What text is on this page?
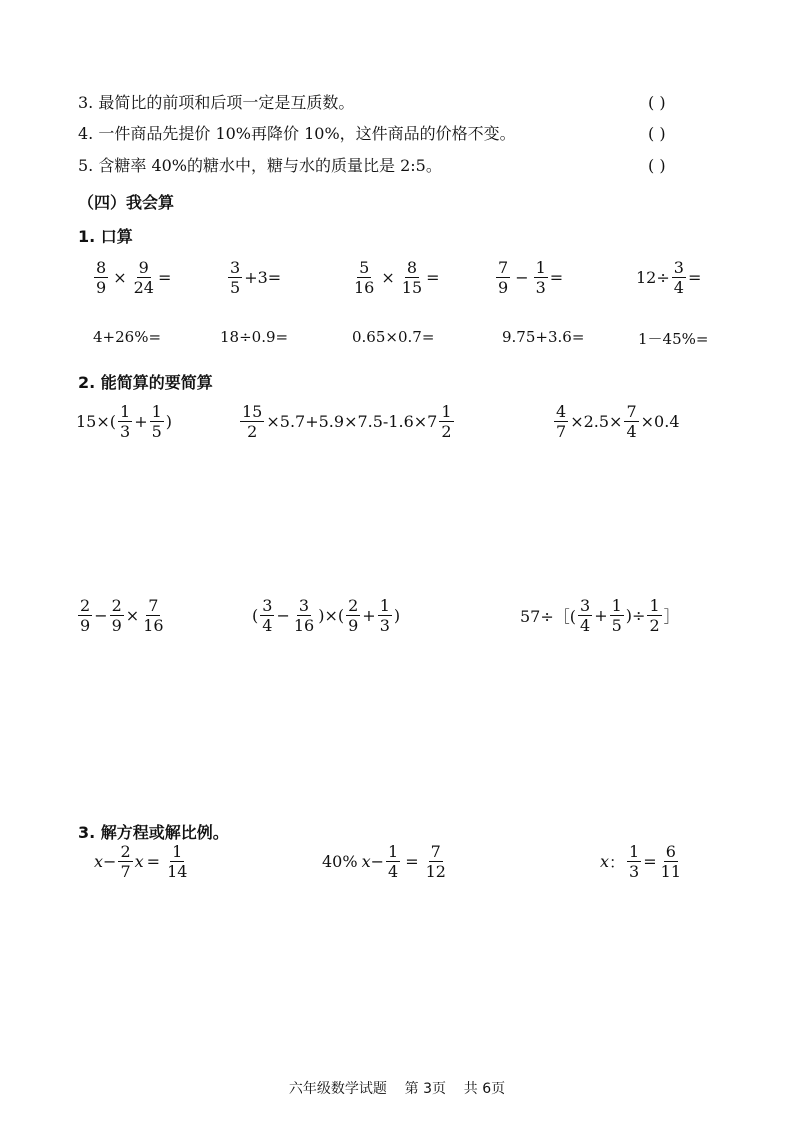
3. 最简比的前项和后项一定是互质数。	( )
4. 一件商品先提价 10%再降价 10%，这件商品的价格不变。	( )
5. 含糖率 40%的糖水中，糖与水的质量比是 2:5。	( )
（四）我会算
1. 口算
$\frac{8}{9} \times \frac{9}{24}$ =	$\frac{3}{5} +3=$	$\frac{5}{16} \times \frac{8}{15}$ =	$\frac{7}{9} - \frac{1}{3}$ =	$12\div \frac{3}{4}$ =
4+26%=	18÷0.9=	0.65×0.7=	9.75+3.6=	1－45%=
2. 能简算的要简算
$15\times( \frac{1}{3} + \frac{1}{5}$ )	$\frac{15}{2} \times 5.7+5.9\times 7.5-1.6\times 7 \frac{1}{2}$	$\frac{4}{7} \times 2.5\times \frac{7}{4} \times 0.4$
$\frac{2}{9} - \frac{2}{9} \times \frac{7}{16}$	( $\frac{3}{4} - \frac{3}{16}$ )×( $\frac{2}{9} + \frac{1}{3}$ )	57÷［( $\frac{3}{4} + \frac{1}{5}$ )÷ $\frac{1}{2}$ ］
3. 解方程或解比例。
$x - \frac{2}{7}$ $x = \frac{1}{14}$	40% $x - \frac{1}{4} = \frac{7}{12}$	x ： $\frac{1}{3} = \frac{6}{11}$
六年级数学试题    第 3页    共 6页
